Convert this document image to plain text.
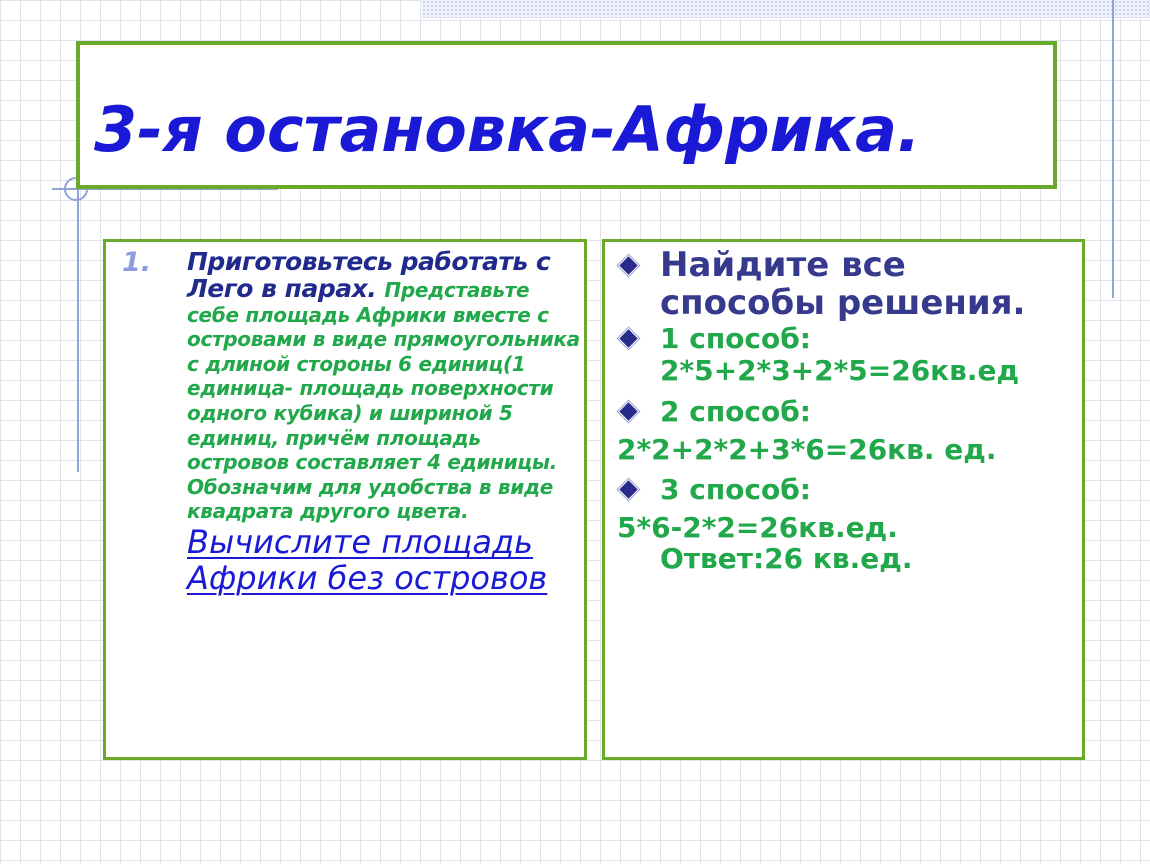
3-я остановка-Африка.
1. Приготовьтесь работать с Лего в парах. Представьте себе площадь Африки вместе с островами в виде прямоугольника с длиной стороны 6 единиц(1 единица- площадь поверхности одного кубика) и шириной 5 единиц, причём площадь островов составляет 4 единицы. Обозначим для удобства в виде квадрата другого цвета. Вычислите площадь Африки без островов
Найдите все
способы решения.
1 способ:
2*5+2*3+2*5=26кв.ед
2 способ:
2*2+2*2+3*6=26кв. ед.
3 способ:
5*6-2*2=26кв.ед.
Ответ:26 кв.ед.
